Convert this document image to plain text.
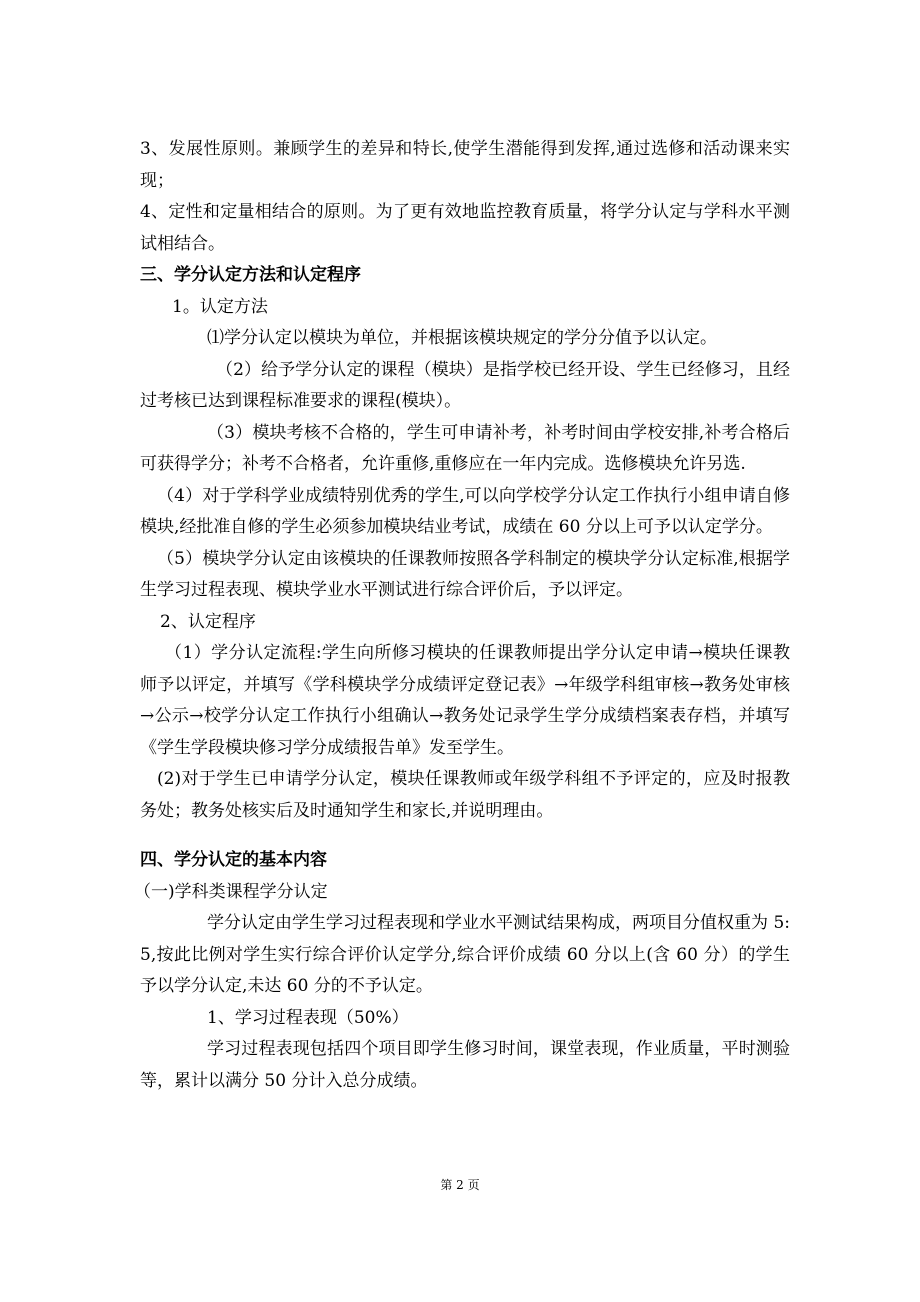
3、发展性原则。兼顾学生的差异和特长,使学生潜能得到发挥,通过选修和活动课来实现；

4、定性和定量相结合的原则。为了更有效地监控教育质量，将学分认定与学科水平测试相结合。

三、学分认定方法和认定程序

1。认定方法

⑴学分认定以模块为单位，并根据该模块规定的学分分值予以认定。

（2）给予学分认定的课程（模块）是指学校已经开设、学生已经修习，且经过考核已达到课程标准要求的课程(模块）。

（3）模块考核不合格的，学生可申请补考，补考时间由学校安排,补考合格后可获得学分；补考不合格者，允许重修,重修应在一年内完成。选修模块允许另选.

（4）对于学科学业成绩特别优秀的学生,可以向学校学分认定工作执行小组申请自修模块,经批准自修的学生必须参加模块结业考试，成绩在 60 分以上可予以认定学分。

（5）模块学分认定由该模块的任课教师按照各学科制定的模块学分认定标准,根据学生学习过程表现、模块学业水平测试进行综合评价后，予以评定。

2、认定程序

（1）学分认定流程:学生向所修习模块的任课教师提出学分认定申请→模块任课教师予以评定，并填写《学科模块学分成绩评定登记表》→年级学科组审核→教务处审核→公示→校学分认定工作执行小组确认→教务处记录学生学分成绩档案表存档，并填写《学生学段模块修习学分成绩报告单》发至学生。

(2)对于学生已申请学分认定，模块任课教师或年级学科组不予评定的，应及时报教务处；教务处核实后及时通知学生和家长,并说明理由。

四、学分认定的基本内容

（一)学科类课程学分认定

学分认定由学生学习过程表现和学业水平测试结果构成，两项目分值权重为 5:5,按此比例对学生实行综合评价认定学分,综合评价成绩 60 分以上(含 60 分）的学生予以学分认定,未达 60 分的不予认定。

1、学习过程表现（50%）

学习过程表现包括四个项目即学生修习时间，课堂表现，作业质量，平时测验等，累计以满分 50 分计入总分成绩。

第 2 页
